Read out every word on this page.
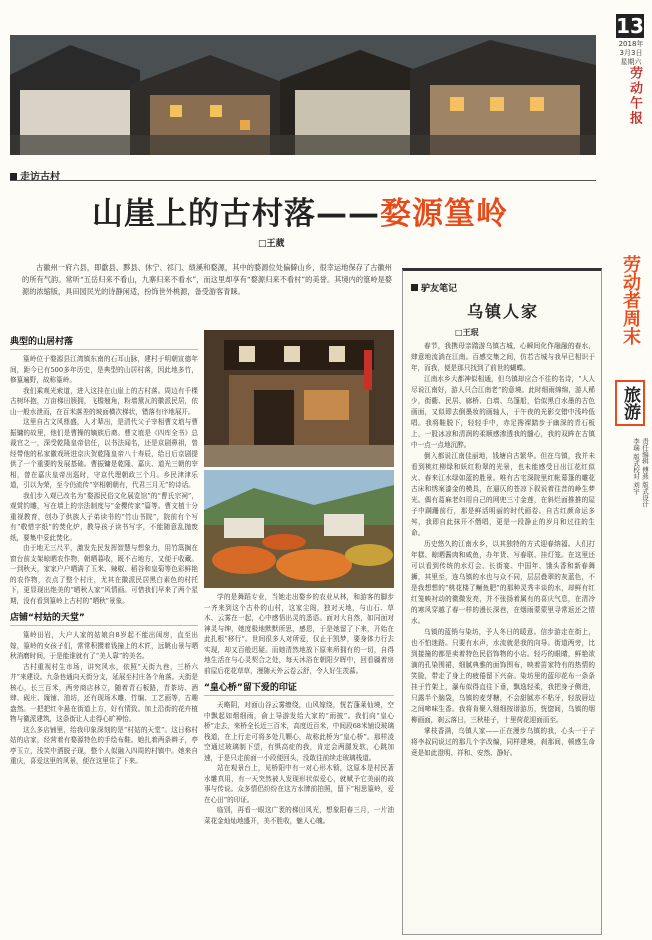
13
2018年
3月3日
星期六
劳动午报
走访古村
山崖上的古村落——婺源篁岭
□王葳
古徽州一府六县，即歙县、黟县、休宁、祁门、绩溪和婺源，其中的婺源位处偏僻山乡，很幸运地保存了古徽州的所有气韵。常听“五岳归来不看山，九寨归来不看水”，而这里却享有“婺源归来不看村”的美誉。其境内的篁岭是婺源的浓缩版，具田园民光的诗静闲适，扮饰世外桃源，备受游客青睐。
典型的山居村落

篁岭位于婺源县江湾镇东南的石耳山脉，建村于明朝宣德年间，距今已有500多年历史，是典型的山居村落，因此地多竹，修篁遍野，故称篁岭。

我们乘观光索道，进入这挂在山崖上的古村落。周边有千棵古树环抱，万亩梯田簇拥，飞檐翘角，粉墙黛瓦的徽派民居，依山一般水泄而，在百米落差的坡面横次梯状，错落有序地展开。

这里自古文风鼎盛，人才辈出，是清代父子宰相曹文埴与曹振镛的故里，他们是曹操的嫡族后裔。曹文埴是《四库全书》总裁官之一，深受乾隆皇帝信任，以书法闻名，还是京剧鼻祖，曾经带他的私家徽戏班进京庆贺乾隆皇帝八十寿辰，给日后京剧提供了一个重要的发展基础。曹振镛是乾隆、嘉庆、道光三朝的宰相，曾在嘉庆皇帝出巡时，守京代理朝政三个月。乡民津津乐道，引以为荣，至今仍流传“宰相朝朝有，代君三月无”的诗话。

我们步入观已改名为“婺源民俗文化展览馆”的“曹氏宗祠”，观赏钓雕，写在墙上的宗法制度与“金樱传家”篇等。曹文植十分重视教育，创办了供族人子弟读书的“竹山书院”，院前有个写有“敬惜字纸”的焚化炉，教导孩子读书写字，不能随意乱抛废纸，要集中妥此焚化。

由于地无三尺平，激发先民发挥智慧与想象力，用竹篙搁在窗台前支架晾晒农作物，朝晒暮收，既不占地方，又便于收藏。一到秋天，家家户户晒满了玉米、辣椒、稻谷和皇菊等色彩鲜艳的农作物，衣点了整个村庄，尤其在徽派民居黑白素色的村托下，更显现出绝美的“晒秋人家”风情画。可惜我们早来了两个星期，没有看到篁岭上古村的“晒秋”景象。

店铺“村姑的天堂”

篁岭田岩，大户人家的姑娘自8岁起不能出闺房，直至出嫁，篁岭的女孩子们，常常积攒着钱撞上的木匠，远眺山景与晒秋消磨时间，于是能谁就有了“美人靠”的美名。

古村重视村生市场，讲究风水，依照“天街九巷，三桥六井”来建设。九条巷通向天街分支，延展至村庄各个角落。天街是核心，长三百米，两旁商店林立，随着青石板路，青茶坊、酒肆、砚庄、篾铺、油坊，还有现场木雕、竹编、工艺画等，古趣盎然。一把把红伞悬在街道上方，好有情致。加上沿街的花卉植物与徽派建筑，这条街让人走得心旷神怡。

这么多店铺里，给我印象深刻的是“村姑的天堂”。这日称村姑的店家，经营着有婺源特色的手绘布鞋。她扎着两条辫子，亭亭玉立，浅笑中洒脱子现，整个人似融入四周的村镇中。她来自重庆，喜爱这里的风景，便在这里住了下来。

学的是舞蹈专业，当她走出婺乡的农业从林，和游客的脚步一齐来到这个古朴的山村，这家尘阁，独对天地，与山石、草木、云雾在一起，心中感悟出灵的悉语。面对大自然，如同面对神灵与绅，她度极地默默所思，感恩，于是她留了下来，开始在此扎根“移行”。世间很多人对所爱，仅止于凯梦，要身体力行去实现，却又百般迟疑。而她清然地放下原来所拥有的一切，自得地生活在与心灵契合之处，每天沐浴在朝阳夕晖中，回看疆着房前屋后花花草草，漫随天外云卷云舒，令人好生羡慕。

“皇心桥”留下爱的印证

天略阴，对面山谷云雾缭绕，山风嫁绕，恍若蓬莱仙境，空中飘起如烟细雨，俞上导游发给大家的“雨披”。我们向“皇心桥”走去，来桥全长近三百米，高度近百米，中间段68米铺设玻璃栈道，在上行走可将多处几颗心，故称此桥为“皇心桥”。那样凌空通过玻璃制下望，有惧高症的我，肯定会两腿发软，心跳加速，于是只走前面一小段便回头，没敢往前续走玻璃栈道。

站在观景台上，见桥阳中有一对心形木锁，这原本是村民著水雕真用，有一天突然被人发现形状似爱心，就赋予它美丽的故事与传说。众多情侣纷纷在这方水牌前拍照，留下“相思篁岭，爱在心田”的印证。

临别，再看一眼这广袤的梯田风光，想象阳春三月，一片油菜花金灿灿地盛开，美不胜收，魅人心魄。

驴友笔记
乌镇人家
□王珉

春节，我携母亲踏游乌镇古城，心瞬间化作融融的春水，肆意地流淌在江南。百感交集之间，仿若古城与我早已相识于年，而我，便是那只找到了前世的蝴蝶。

江南水乡大都神似相通，但乌镇却应合不往的名诗，“人人尽说江南好，游人只合江南老”的意境。此时细雨绵绵，游人稀少，街衢、民居、廊桥、白墙、乌篷船，恰似黑白水墨的古色画面，又似即去倒墨妆的画轴人，于午夜的光影交错中浅吟低唱。我将鞋脱下，轻轻手中，赤足搀裸踏步于幽深的青石板上，一股冰凉和清润的柔顺感渗透我的髓心，我的双眸在古镇中一点一点地沉醉。

倒入都说江南佳丽地，钱塘自古繁华。但在乌镇，我并未看到桃红柳绿和妖红粉翠的光景，也未能感受日出江花红似火、春来江水绿如蓝的胜景。唯有古宅深院里红帐幕篷的雕花古床和绣案漆金的模具，在逼仄的苍凉下叙说着往昔的峥生梦光。偶有葛麻老妇用自己的网兜三寸金莲，在斜烂面推推的屋子中蹒跚前行，那是鲜活明丽的时代画卷。自古红颜命运多舛，我即自此抹开不僭唱，更是一段静止的岁月和过往的生命。

历史悠久的江南水乡，以其独特的方式迎春纳福。人们打年糕、晾晒酱肉和咸鱼，办年货、写春联、挂灯笼。在这里还可以看到传统的水灯会、长街宴、中国年、饿头香和新春舞狮，其里至，连乌镇的水也与众不同，层层叠翠的灰蓝色，不是我想想的“桃花楼了鳜鱼肥”的那种灵秀丰谈的水，却鲜有红红笼映衬动的微微发亮，并不张扬着属有的喜庆气息，在清冷的寒风穿越了春一样的漫长深巷，在烟雨蒙蒙里寻常返还之情水。

乌镇的蓝销与染坊，予人冬日的暖意。信步游走在街上，也不怕迷路。只要有水声，水流就是我的向导。街道两旁，比到接撞的都是卖着特色民俗饰物的小店。轻巧的眼睛，鲜艳欲滴的孔染围裙，细腻典雅的面饰围布，映着苗家特有的热情的笑脸，带走了身上的疲倦留下兴奋。染坊里的蓝印花布一条条挂于竹架上，瀑布似得直往下垂，飘逸轻柔，我把身子侧进，只露半个脑袋，乌镇的麦芽糖，不会甜腻亦不粘牙，轻放唇边之间啼味生香。我将肯聚入细细按谱游历，恍惚间，乌镇的烟柳画面，刹云落日，三秋桂子，十里荷花迎面而至。

掌枝香满，乌镇人家——正在漫步乌镇的我，心头一于子将李叔同说过的那几个字改编，同样建境，刹那间，顿感生命竟是如此澄明、祥和、安然、静好。

劳动者周末
旅游
责任编辑 傅燕 版式设计 李瑞 版式校对 刘宇
